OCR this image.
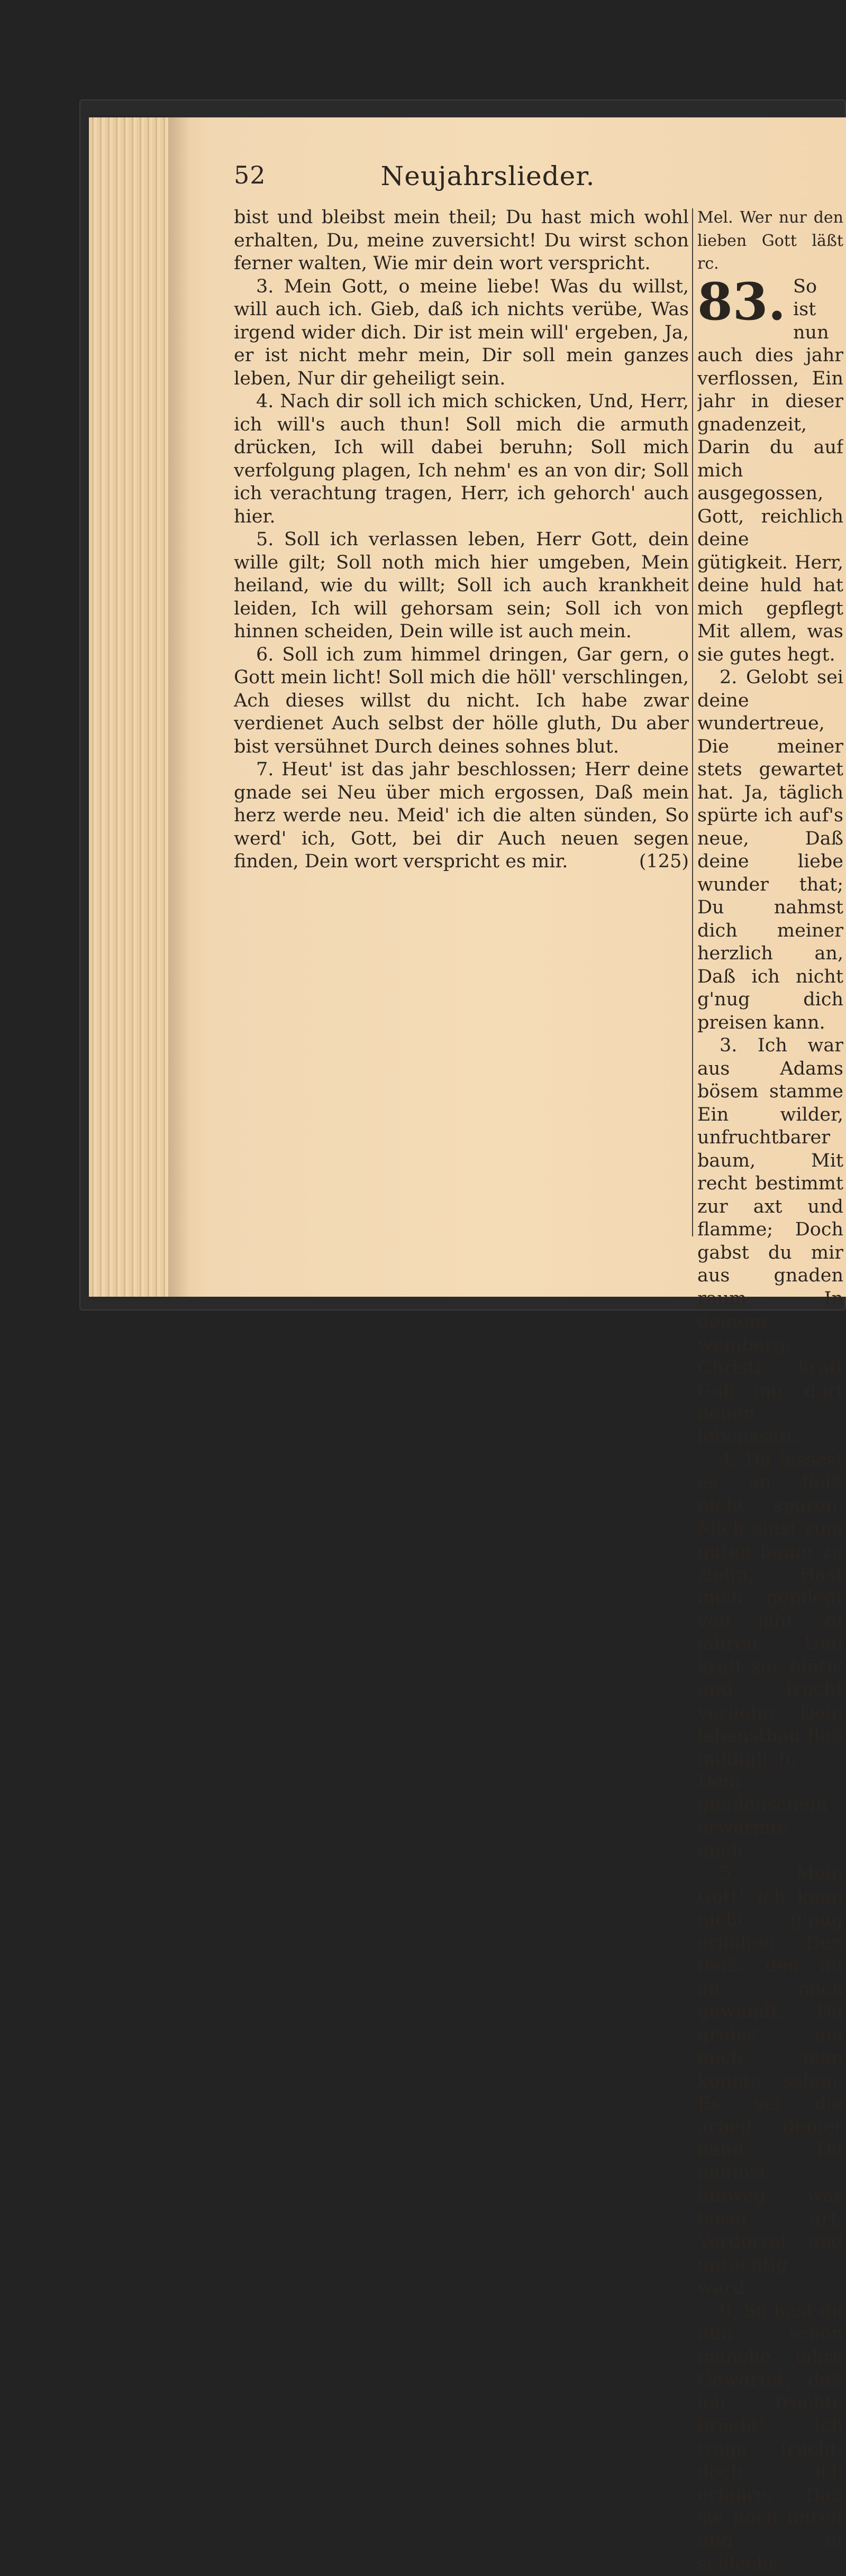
52	Neujahrslieder.

bist und bleibst mein theil; Du hast mich wohl erhalten, Du, meine zuversicht! Du wirst schon ferner walten, Wie mir dein wort verspricht.

3. Mein Gott, o meine liebe! Was du willst, will auch ich. Gieb, daß ich nichts verübe, Was irgend wider dich. Dir ist mein will' ergeben, Ja, er ist nicht mehr mein, Dir soll mein ganzes leben, Nur dir geheiligt sein.

4. Nach dir soll ich mich schicken, Und, Herr, ich will's auch thun! Soll mich die armuth drücken, Ich will dabei beruhn; Soll mich verfolgung plagen, Ich nehm' es an von dir; Soll ich verachtung tragen, Herr, ich gehorch' auch hier.

5. Soll ich verlassen leben, Herr Gott, dein wille gilt; Soll noth mich hier umgeben, Mein heiland, wie du willt; Soll ich auch krankheit leiden, Ich will gehorsam sein; Soll ich von hinnen scheiden, Dein wille ist auch mein.

6. Soll ich zum himmel dringen, Gar gern, o Gott mein licht! Soll mich die höll' verschlingen, Ach dieses willst du nicht. Ich habe zwar verdienet Auch selbst der hölle gluth, Du aber bist versühnet Durch deines sohnes blut.

7. Heut' ist das jahr beschlossen; Herr deine gnade sei Neu über mich ergossen, Daß mein herz werde neu. Meid' ich die alten sünden, So werd' ich, Gott, bei dir Auch neuen segen finden, Dein wort verspricht es mir.	(125)

Mel. Wer nur den lieben Gott läßt rc.

83. So ist nun auch dies jahr verflossen, Ein jahr in dieser gnadenzeit, Darin du auf mich ausgegossen, Gott, reichlich deine gütigkeit. Herr, deine huld hat mich gepflegt Mit allem, was sie gutes hegt.

2. Gelobt sei deine wundertreue, Die meiner stets gewartet hat. Ja, täglich spürte ich auf's neue, Daß deine liebe wunder that; Du nahmst dich meiner herzlich an, Daß ich nicht g'nug dich preisen kann.

3. Ich war aus Adams bösem stamme Ein wilder, unfruchtbarer baum, Mit recht bestimmt zur axt und flamme; Doch gabst du mir aus gnaden raum In deinem weinberg, Christi kraft Gab mir dort neuen lebenssaft.

4. Du lässest es an fleiß nicht sparen, Mich einst zum guten baum zu ziehn, Hast mich gepflegt von jahr zu jahren Und kraft zur blüth' und frucht verliehn. Dein lebensthau floß mildiglich, Dein gnadenschein erwärmte mich.

5. Mein Gott! ich kann nicht g'nug erhöhen Den fleiß, den du an mich gewandt. Du grubst um mich, man konnte sehen, Es sei die arbeit deiner hand; Du nahmst hinweg, was böser art, Verdorret und untüchtig ward.

6. So hast du nun schon manche jahre Gewartet, daß ich früchte brächt'. Ich trage frucht, doch ich erfahre, Daß sie noch unreif und zu schlecht.
